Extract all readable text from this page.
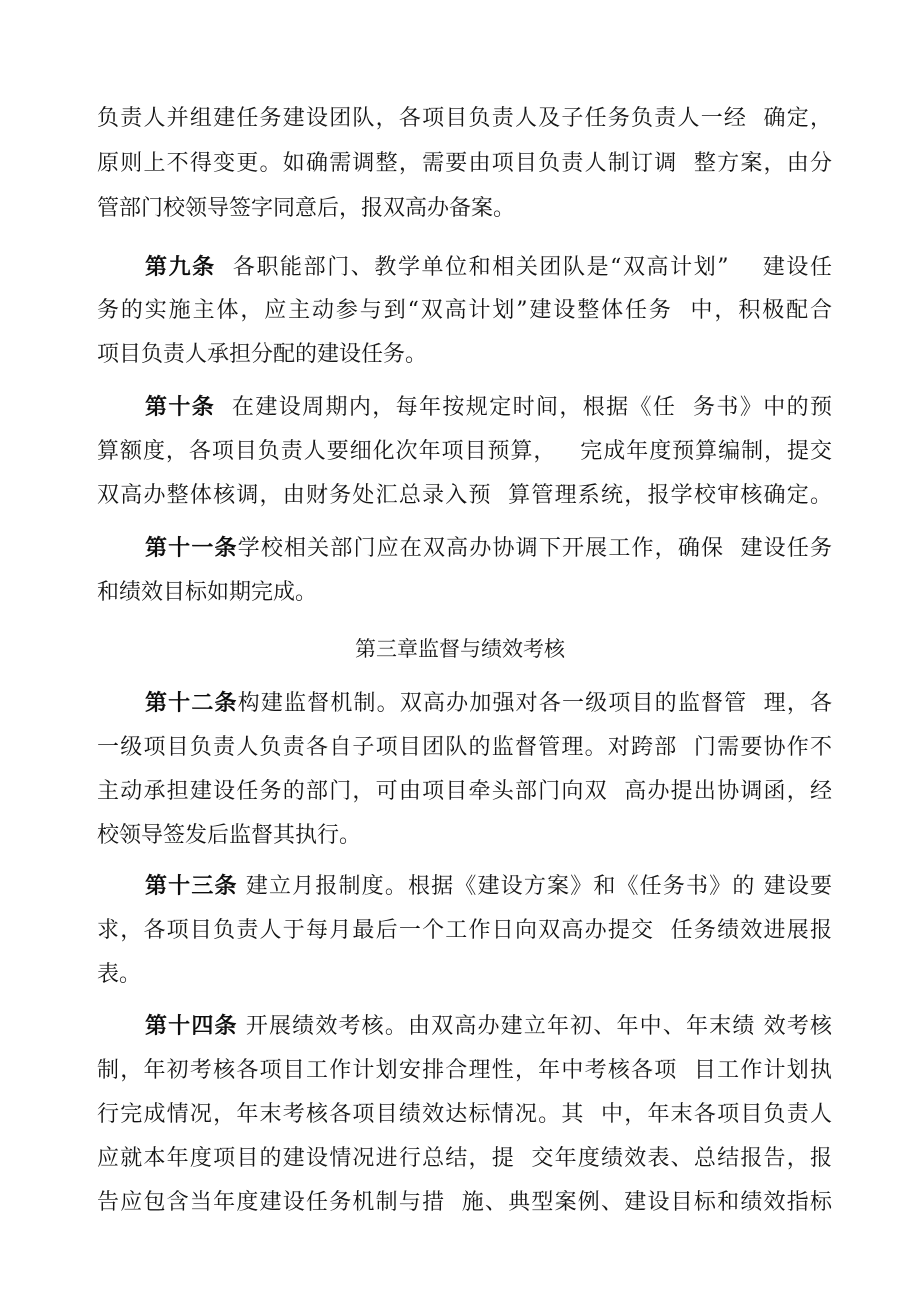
负责人并组建任务建设团队，各项目负责人及子任务负责人一经  确定，
原则上不得变更。如确需调整，需要由项目负责人制订调  整方案，由分
管部门校领导签字同意后，报双高办备案。
第九条  各职能部门、教学单位和相关团队是“双高计划”    建设任
务的实施主体，应主动参与到“双高计划”建设整体任务  中，积极配合
项目负责人承担分配的建设任务。
第十条  在建设周期内，每年按规定时间，根据《任  务书》中的预
算额度，各项目负责人要细化次年项目预算，   完成年度预算编制，提交
双高办整体核调，由财务处汇总录入预  算管理系统，报学校审核确定。
第十一条学校相关部门应在双高办协调下开展工作，确保  建设任务
和绩效目标如期完成。
第三章监督与绩效考核
第十二条构建监督机制。双高办加强对各一级项目的监督管  理，各
一级项目负责人负责各自子项目团队的监督管理。对跨部  门需要协作不
主动承担建设任务的部门，可由项目牵头部门向双  高办提出协调函，经
校领导签发后监督其执行。
第十三条 建立月报制度。根据《建设方案》和《任务书》的 建设要
求，各项目负责人于每月最后一个工作日向双高办提交  任务绩效进展报
表。
第十四条 开展绩效考核。由双高办建立年初、年中、年末绩 效考核
制，年初考核各项目工作计划安排合理性，年中考核各项  目工作计划执
行完成情况，年末考核各项目绩效达标情况。其  中，年末各项目负责人
应就本年度项目的建设情况进行总结，提  交年度绩效表、总结报告，报
告应包含当年度建设任务机制与措  施、典型案例、建设目标和绩效指标
